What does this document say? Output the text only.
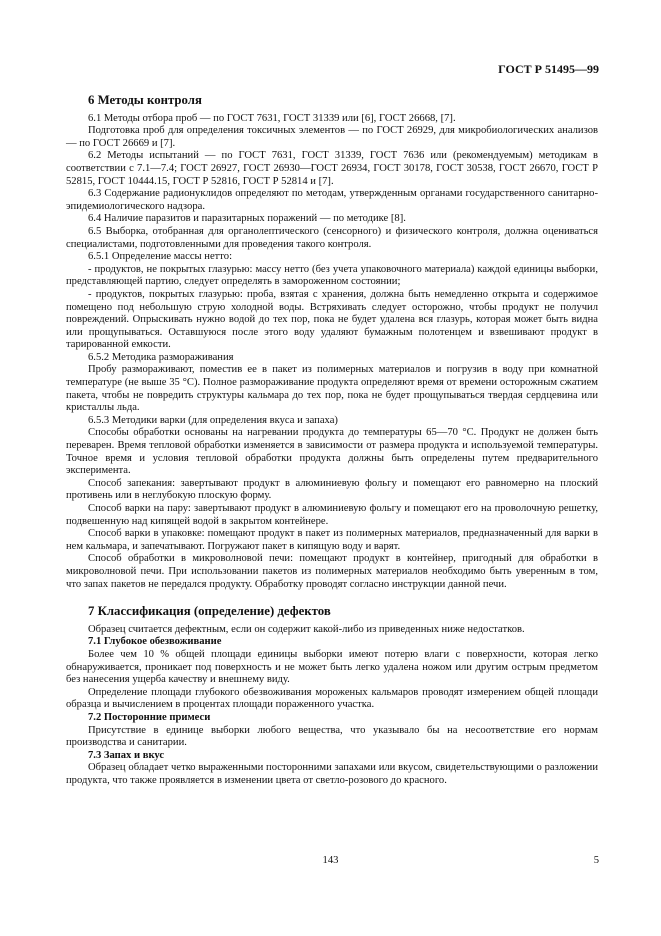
ГОСТ Р 51495—99
6 Методы контроля

6.1 Методы отбора проб — по ГОСТ 7631, ГОСТ 31339 или [6], ГОСТ 26668, [7].

Подготовка проб для определения токсичных элементов — по ГОСТ 26929, для микробиологических анализов — по ГОСТ 26669 и [7].

6.2 Методы испытаний — по ГОСТ 7631, ГОСТ 31339, ГОСТ 7636 или (рекомендуемым) методикам в соответствии с 7.1—7.4; ГОСТ 26927, ГОСТ 26930—ГОСТ 26934, ГОСТ 30178, ГОСТ 30538, ГОСТ 26670, ГОСТ Р 52815, ГОСТ 10444.15, ГОСТ Р 52816, ГОСТ Р 52814 и [7].

6.3 Содержание радионуклидов определяют по методам, утвержденным органами государственного санитарно-эпидемиологического надзора.

6.4 Наличие паразитов и паразитарных поражений — по методике [8].

6.5 Выборка, отобранная для органолептического (сенсорного) и физического контроля, должна оцениваться специалистами, подготовленными для проведения такого контроля.

6.5.1 Определение массы нетто:

- продуктов, не покрытых глазурью: массу нетто (без учета упаковочного материала) каждой единицы выборки, представляющей партию, следует определять в замороженном состоянии;

- продуктов, покрытых глазурью: проба, взятая с хранения, должна быть немедленно открыта и содержимое помещено под небольшую струю холодной воды. Встряхивать следует осторожно, чтобы продукт не получил повреждений. Опрыскивать нужно водой до тех пор, пока не будет удалена вся глазурь, которая может быть видна или прощупываться. Оставшуюся после этого воду удаляют бумажным полотенцем и взвешивают продукт в тарированной емкости.

6.5.2 Методика размораживания

Пробу размораживают, поместив ее в пакет из полимерных материалов и погрузив в воду при комнатной температуре (не выше 35 °С). Полное размораживание продукта определяют время от времени осторожным сжатием пакета, чтобы не повредить структуры кальмара до тех пор, пока не будет прощупываться твердая сердцевина или кристаллы льда.

6.5.3 Методики варки (для определения вкуса и запаха)

Способы обработки основаны на нагревании продукта до температуры 65—70 °С. Продукт не должен быть переварен. Время тепловой обработки изменяется в зависимости от размера продукта и используемой температуры. Точное время и условия тепловой обработки продукта должны быть определены путем предварительного эксперимента.

Способ запекания: завертывают продукт в алюминиевую фольгу и помещают его равномерно на плоский противень или в неглубокую плоскую форму.

Способ варки на пару: завертывают продукт в алюминиевую фольгу и помещают его на проволочную решетку, подвешенную над кипящей водой в закрытом контейнере.

Способ варки в упаковке: помещают продукт в пакет из полимерных материалов, предназначенный для варки в нем кальмара, и запечатывают. Погружают пакет в кипящую воду и варят.

Способ обработки в микроволновой печи: помещают продукт в контейнер, пригодный для обработки в микроволновой печи. При использовании пакетов из полимерных материалов необходимо быть уверенным в том, что запах пакетов не передался продукту. Обработку проводят согласно инструкции данной печи.

7 Классификация (определение) дефектов

Образец считается дефектным, если он содержит какой-либо из приведенных ниже недостатков.

7.1 Глубокое обезвоживание

Более чем 10 % общей площади единицы выборки имеют потерю влаги с поверхности, которая легко обнаруживается, проникает под поверхность и не может быть легко удалена ножом или другим острым предметом без нанесения ущерба качеству и внешнему виду.

Определение площади глубокого обезвоживания мороженых кальмаров проводят измерением общей площади образца и вычислением в процентах площади пораженного участка.

7.2 Посторонние примеси

Присутствие в единице выборки любого вещества, что указывало бы на несоответствие его нормам производства и санитарии.

7.3 Запах и вкус

Образец обладает четко выраженными посторонними запахами или вкусом, свидетельствующими о разложении продукта, что также проявляется в изменении цвета от светло-розового до красного.

143	5
